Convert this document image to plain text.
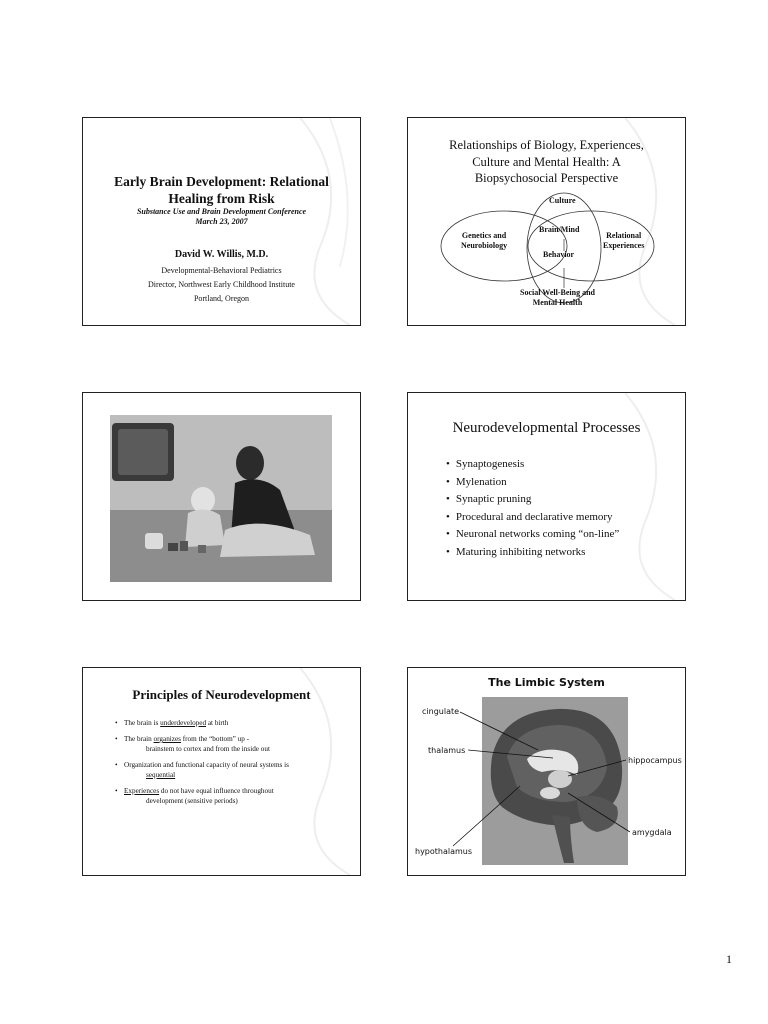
Early Brain Development: Relational
Healing from Risk
Substance Use and Brain Development Conference
March 23, 2007
David W. Willis, M.D.
Developmental-Behavioral Pediatrics
Director, Northwest Early Childhood Institute
Portland, Oregon
Relationships of Biology, Experiences,
Culture and Mental Health: A
Biopsychosocial Perspective
Culture
Brain/Mind
Behavior
Genetics and
Neurobiology
Relational
Experiences
Social Well-Being and
Mental Health
Neurodevelopmental Processes
• Synaptogenesis
• Mylenation
• Synaptic pruning
• Procedural and declarative memory
• Neuronal networks coming “on-line”
• Maturing inhibiting networks
Principles of Neurodevelopment
• The brain is underdeveloped at birth
• The brain organizes from the “bottom” up -
brainstem to cortex and from the inside out
• Organization and functional capacity of neural systems is
sequential
• Experiences do not have equal influence throughout
development (sensitive periods)
The Limbic System
cingulate
thalamus
hippocampus
amygdala
hypothalamus
1
